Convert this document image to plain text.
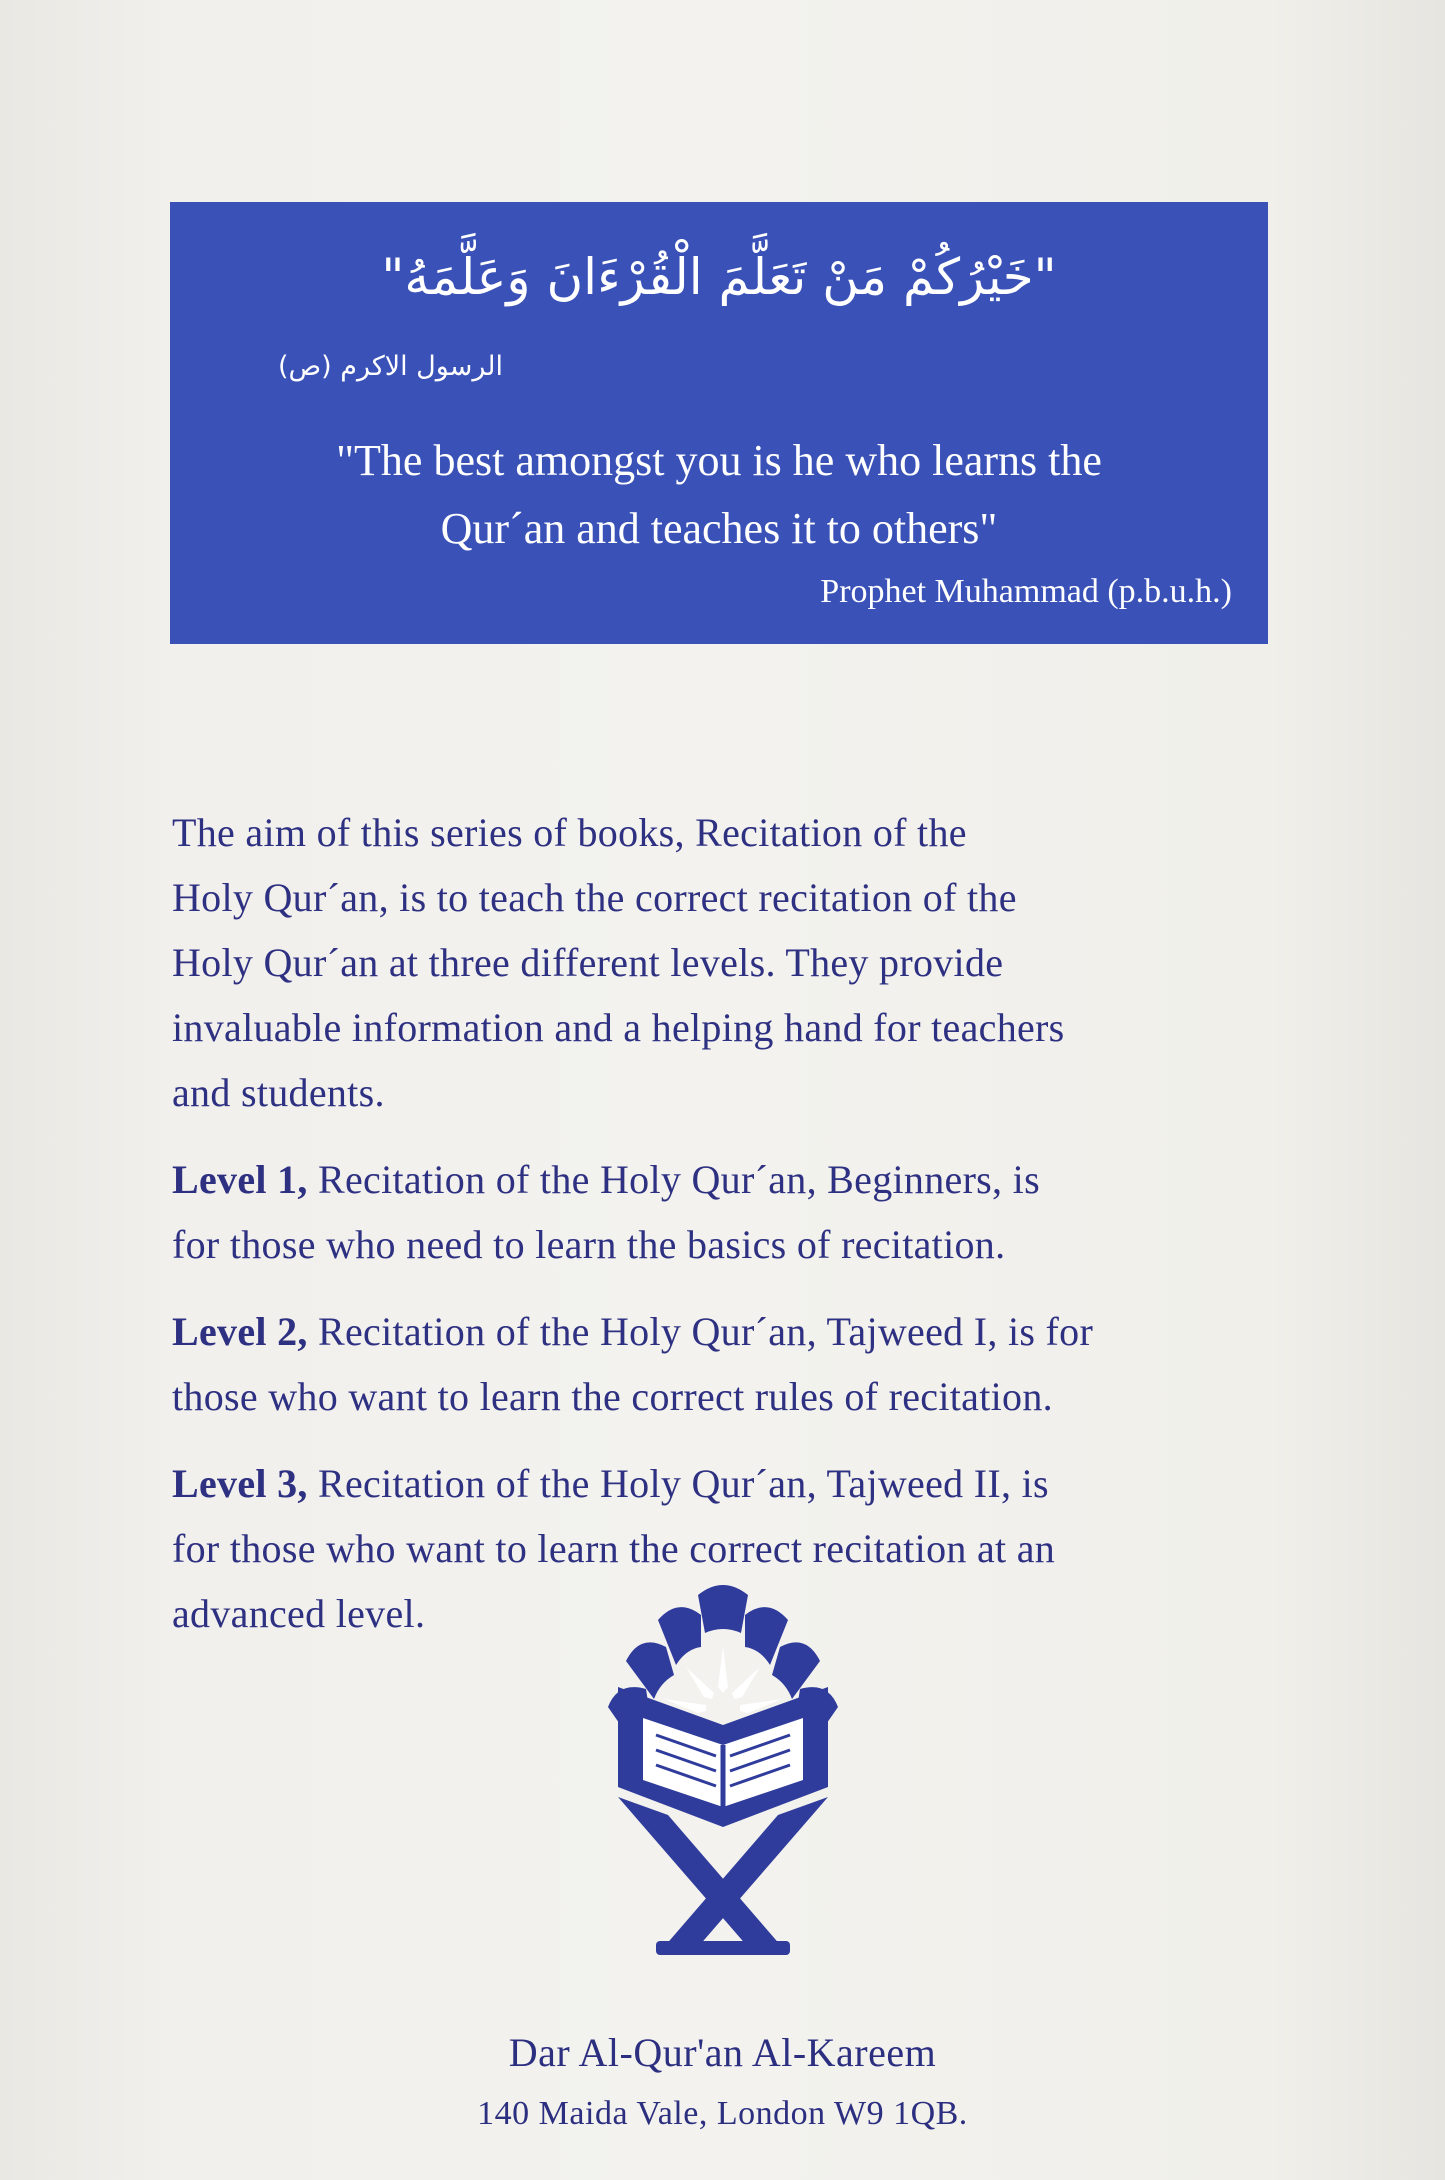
"خَيْرُكُمْ مَنْ تَعَلَّمَ الْقُرْءَانَ وَعَلَّمَهُ"
الرسول الاكرم (ص)
"The best amongst you is he who learns the
Qur´an and teaches it to others"
Prophet Muhammad (p.b.u.h.)

The aim of this series of books, Recitation of the
Holy Qur´an, is to teach the correct recitation of the
Holy Qur´an at three different levels. They provide
invaluable information and a helping hand for teachers
and students.

Level 1, Recitation of the Holy Qur´an, Beginners, is
for those who need to learn the basics of recitation.

Level 2, Recitation of the Holy Qur´an, Tajweed I, is for
those who want to learn the correct rules of recitation.

Level 3, Recitation of the Holy Qur´an, Tajweed II, is
for those who want to learn the correct recitation at an
advanced level.

Dar Al-Qur'an Al-Kareem
140 Maida Vale, London W9 1QB.
